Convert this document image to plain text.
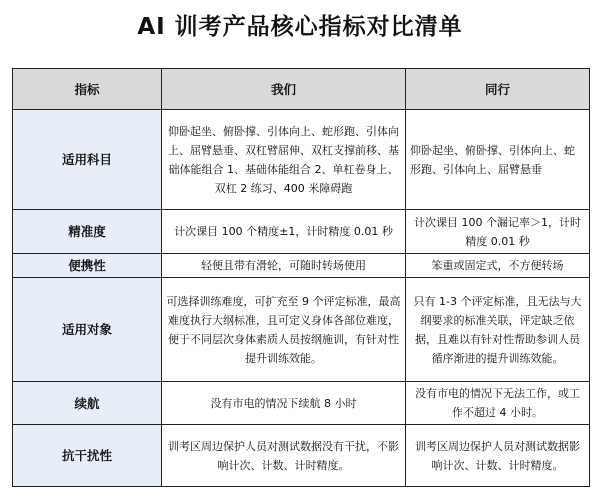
AI 训考产品核心指标对比清单
指标	我们	同行
适用科目	仰卧起坐、俯卧撑、引体向上、蛇形跑、引体向上、屈臂悬垂、双杠臂屈伸、双杠支撑前移、基础体能组合 1、基础体能组合 2、单杠卷身上、双杠 2 练习、400 米障碍跑	仰卧起坐、俯卧撑、引体向上、蛇形跑、引体向上、屈臂悬垂
精准度	计次课目 100 个精度±1，计时精度 0.01 秒	计次课目 100 个漏记率＞1，计时精度 0.01 秒
便携性	轻便且带有滑轮，可随时转场使用	笨重或固定式，不方便转场
适用对象	可选择训练难度，可扩充至 9 个评定标准，最高难度执行大纲标准，且可定义身体各部位难度，便于不同层次身体素质人员按纲施训，有针对性提升训练效能。	只有 1-3 个评定标准，且无法与大纲要求的标准关联，评定缺乏依据，且难以有针对性帮助参训人员循序渐进的提升训练效能。
续航	没有市电的情况下续航 8 小时	没有市电的情况下无法工作，或工作不超过 4 小时。
抗干扰性	训考区周边保护人员对测试数据没有干扰，不影响计次、计数、计时精度。	训考区周边保护人员对测试数据影响计次、计数、计时精度。
